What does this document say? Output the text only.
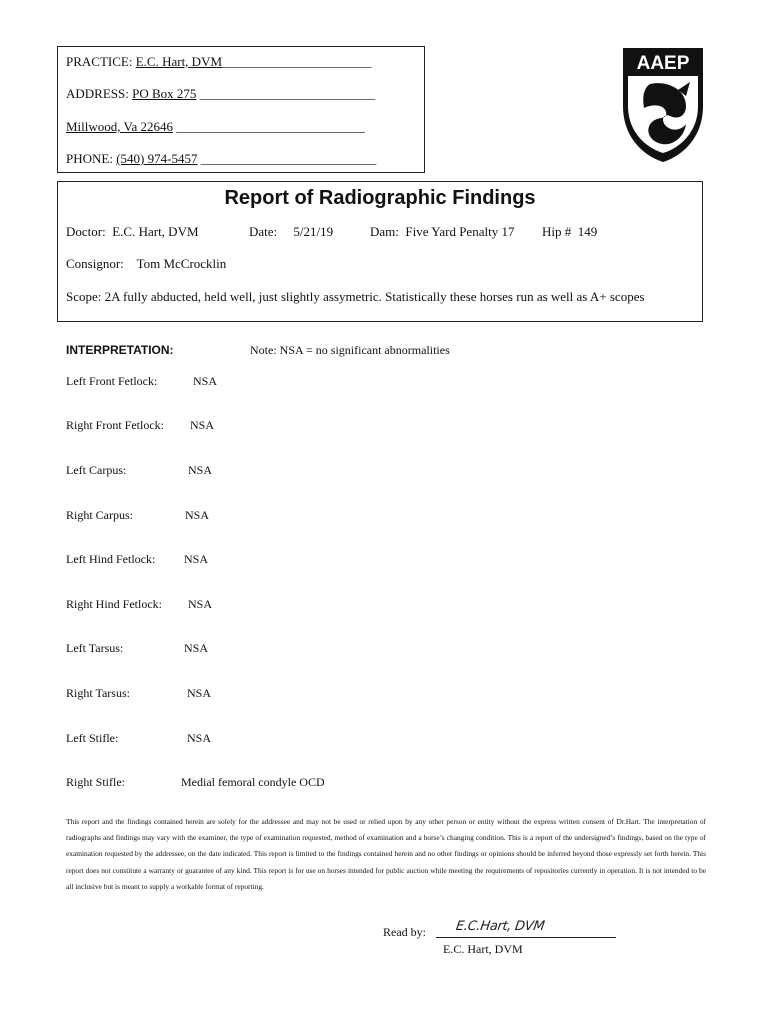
PRACTICE: E.C. Hart, DVM_______________________
ADDRESS: PO Box 275 ___________________________
Millwood, Va 22646 _____________________________
PHONE: (540) 974-5457 ___________________________
AAEP
Report of Radiographic Findings
Doctor: E.C. Hart, DVM	Date: 5/21/19	Dam: Five Yard Penalty 17 Hip # 149
Consignor: Tom McCrocklin
Scope: 2A fully abducted, held well, just slightly assymetric. Statistically these horses run as well as A+ scopes
INTERPRETATION:	Note: NSA = no significant abnormalities
Left Front Fetlock:	NSA
Right Front Fetlock: NSA
Left Carpus:	NSA
Right Carpus:	NSA
Left Hind Fetlock: NSA
Right Hind Fetlock: NSA
Left Tarsus:	NSA
Right Tarsus:	NSA
Left Stifle:	NSA
Right Stifle:	Medial femoral condyle OCD
This report and the findings contained herein are solely for the addressee and may not be used or relied upon by any other person or entity without the express written consent of Dr.Hart. The interpretation of radiographs and findings may vary with the examiner, the type of examination requested, method of examination and a horse’s changing condition. This is a report of the undersigned’s findings, based on the type of examination requested by the addressee, on the date indicated. This report is limited to the findings contained herein and no other findings or opinions should be inferred beyond those expressly set forth herein. This report does not constitute a warranty or guarantee of any kind. This report is for use on horses intended for public auction while meeting the requirements of repositories currently in operation. It is not intended to be all inclusive but is meant to supply a workable format of reporting.
Read by: E.C.Hart, DVM
E.C. Hart, DVM
